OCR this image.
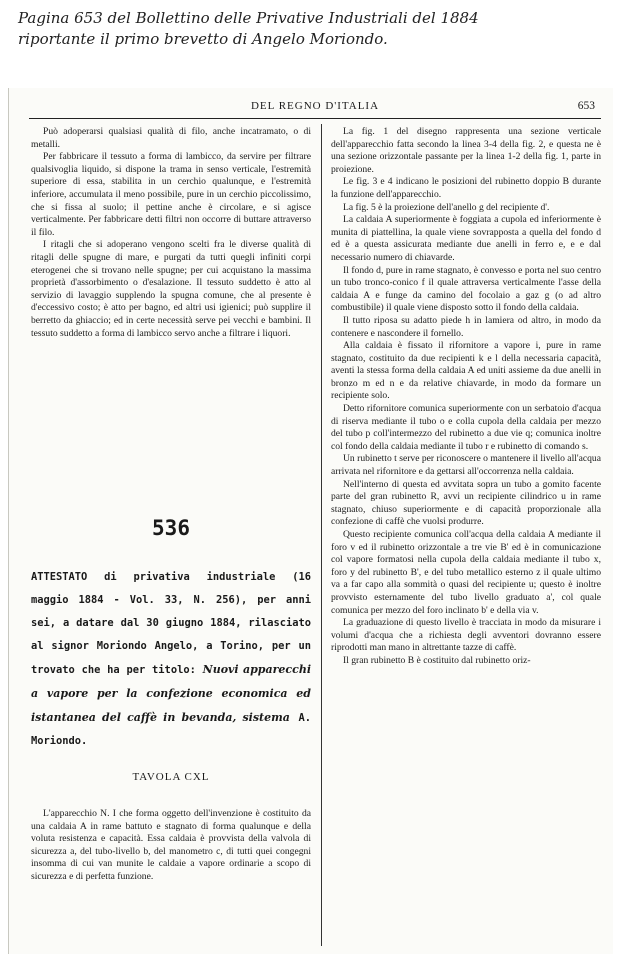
Pagina 653 del Bollettino delle Privative Industriali del 1884
riportante il primo brevetto di Angelo Moriondo.
DEL REGNO D'ITALIA	653

Può adoperarsi qualsiasi qualità di filo, anche incatramato, o di metalli.

Per fabbricare il tessuto a forma di lambicco, da servire per filtrare qualsivoglia liquido, si dispone la trama in senso verticale, l'estremità superiore di essa, stabilita in un cerchio qualunque, e l'estremità inferiore, accumulata il meno possibile, pure in un cerchio piccolissimo, che si fissa al suolo; il pettine anche è circolare, e si agisce verticalmente. Per fabbricare detti filtri non occorre di buttare attraverso il filo.

I ritagli che si adoperano vengono scelti fra le diverse qualità di ritagli delle spugne di mare, e purgati da tutti quegli infiniti corpi eterogenei che si trovano nelle spugne; per cui acquistano la massima proprietà d'assorbimento o d'esalazione. Il tessuto suddetto è atto al servizio di lavaggio supplendo la spugna comune, che al presente è d'eccessivo costo; è atto per bagno, ed altri usi igienici; può supplire il berretto da ghiaccio; ed in certe necessità serve pei vecchi e bambini. Il tessuto suddetto a forma di lambicco servo anche a filtrare i liquori.

536
ATTESTATO di privativa industriale (16 maggio 1884 - Vol. 33, N. 256), per anni sei, a datare dal 30 giugno 1884, rilasciato al signor Moriondo Angelo, a Torino, per un trovato che ha per titolo: Nuovi apparecchi a vapore per la confezione economica ed istantanea del caffè in bevanda, sistema A. Moriondo.
TAVOLA CXL

L'apparecchio N. I che forma oggetto dell'invenzione è costituito da una caldaia A in rame battuto e stagnato di forma qualunque e della voluta resistenza e capacità. Essa caldaia è provvista della valvola di sicurezza a, del tubo-livello b, del manometro c, di tutti quei congegni insomma di cui van munite le caldaie a vapore ordinarie a scopo di sicurezza e di perfetta funzione.

La fig. 1 del disegno rappresenta una sezione verticale dell'apparecchio fatta secondo la linea 3-4 della fig. 2, e questa ne è una sezione orizzontale passante per la linea 1-2 della fig. 1, parte in proiezione.

Le fig. 3 e 4 indicano le posizioni del rubinetto doppio B durante la funzione dell'apparecchio.

La fig. 5 è la proiezione dell'anello g del recipiente d'.

La caldaia A superiormente è foggiata a cupola ed inferiormente è munita di piattellina, la quale viene sovrapposta a quella del fondo d ed è a questa assicurata mediante due anelli in ferro e, e e dal necessario numero di chiavarde.

Il fondo d, pure in rame stagnato, è convesso e porta nel suo centro un tubo tronco-conico f il quale attraversa verticalmente l'asse della caldaia A e funge da camino del focolaio a gaz g (o ad altro combustibile) il quale viene disposto sotto il fondo della caldaia.

Il tutto riposa su adatto piede h in lamiera od altro, in modo da contenere e nascondere il fornello.

Alla caldaia è fissato il rifornitore a vapore i, pure in rame stagnato, costituito da due recipienti k e l della necessaria capacità, aventi la stessa forma della caldaia A ed uniti assieme da due anelli in bronzo m ed n e da relative chiavarde, in modo da formare un recipiente solo.

Detto rifornitore comunica superiormente con un serbatoio d'acqua di riserva mediante il tubo o e colla cupola della caldaia per mezzo del tubo p coll'intermezzo del rubinetto a due vie q; comunica inoltre col fondo della caldaia mediante il tubo r e rubinetto di comando s.

Un rubinetto t serve per riconoscere o mantenere il livello all'acqua arrivata nel rifornitore e da gettarsi all'occorrenza nella caldaia.

Nell'interno di questa ed avvitata sopra un tubo a gomito facente parte del gran rubinetto R, avvi un recipiente cilindrico u in rame stagnato, chiuso superiormente e di capacità proporzionale alla confezione di caffè che vuolsi produrre.

Questo recipiente comunica coll'acqua della caldaia A mediante il foro v ed il rubinetto orizzontale a tre vie B' ed è in comunicazione col vapore formatosi nella cupola della caldaia mediante il tubo x, foro y del rubinetto B', e del tubo metallico esterno z il quale ultimo va a far capo alla sommità o quasi del recipiente u; questo è inoltre provvisto esternamente del tubo livello graduato a', col quale comunica per mezzo del foro inclinato b' e della via v.

La graduazione di questo livello è tracciata in modo da misurare i volumi d'acqua che a richiesta degli avventori dovranno essere riprodotti man mano in altrettante tazze di caffè.

Il gran rubinetto B è costituito dal rubinetto oriz-
